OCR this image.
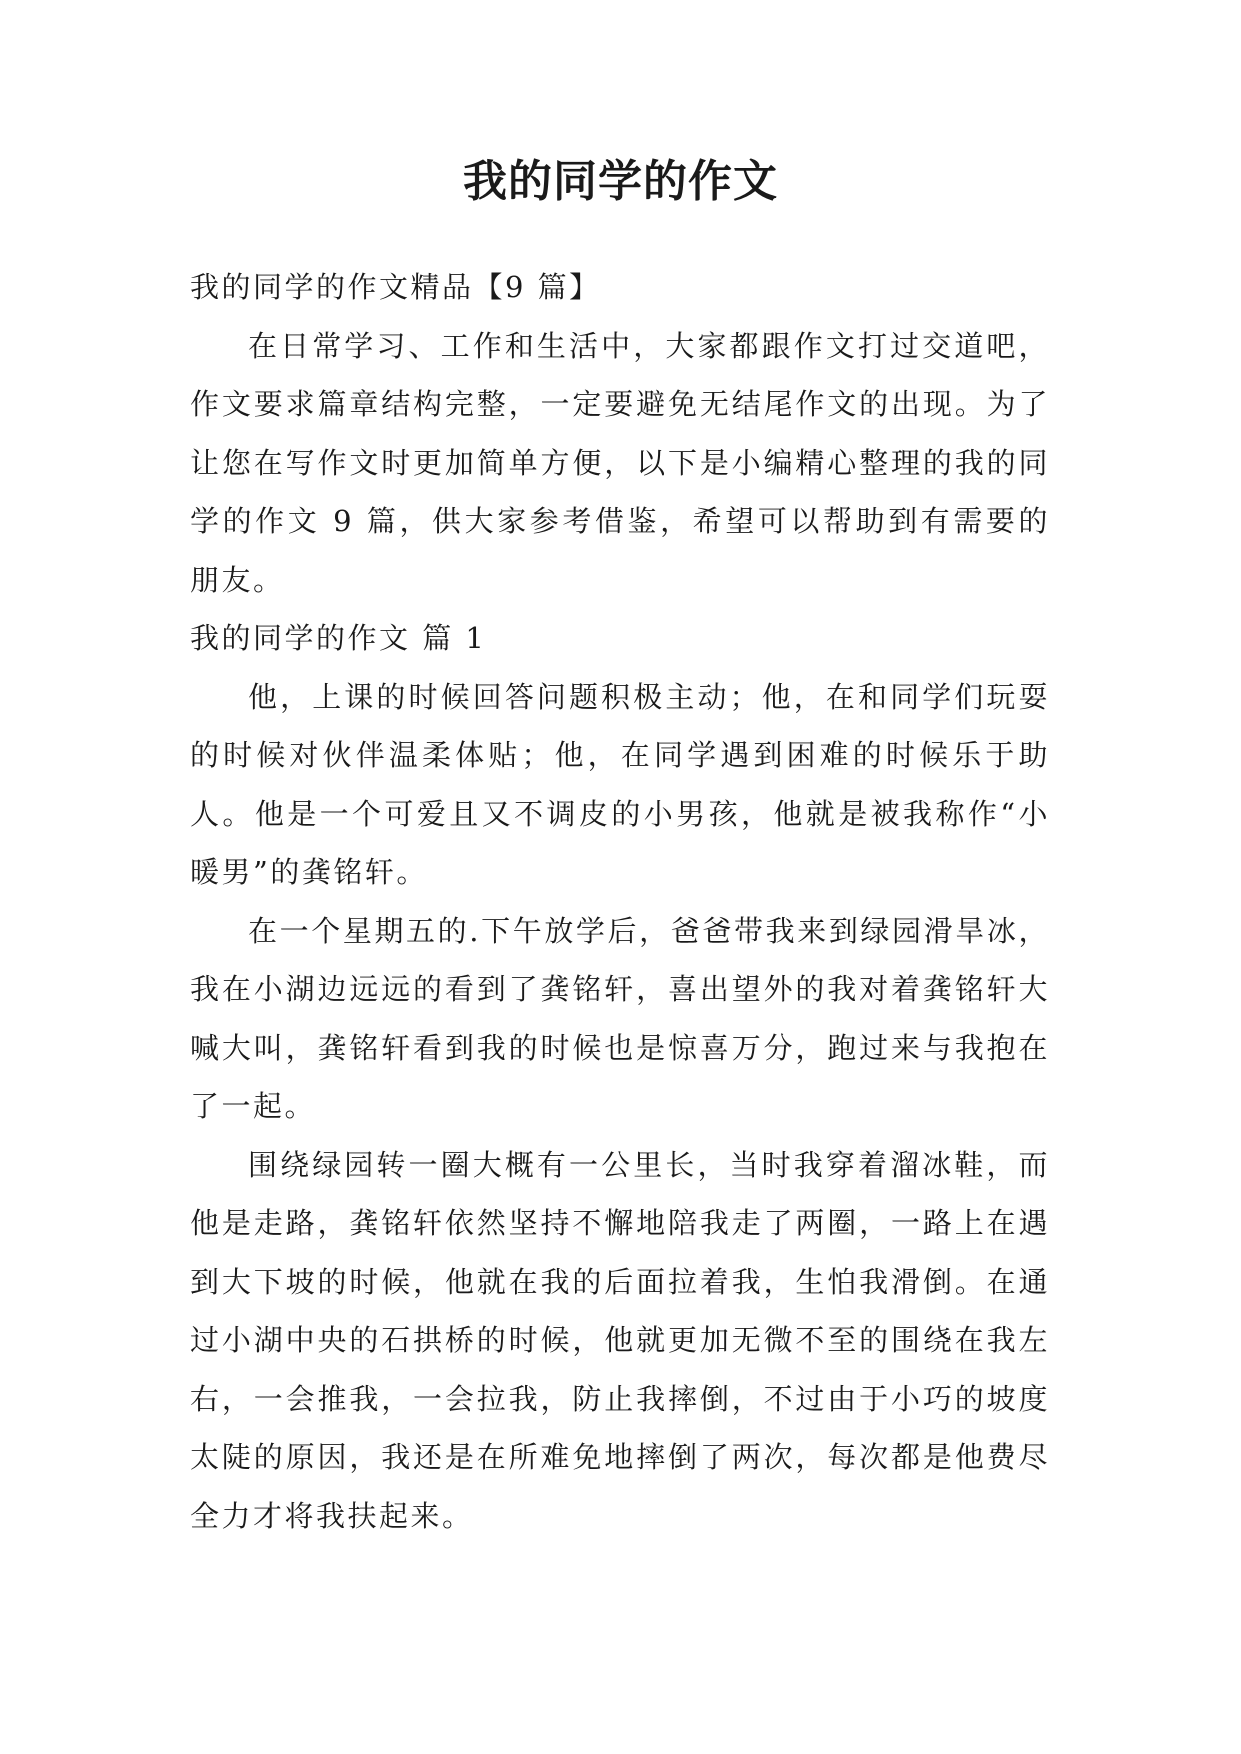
我的同学的作文

我的同学的作文精品【9 篇】

在日常学习、工作和生活中，大家都跟作文打过交道吧，作文要求篇章结构完整，一定要避免无结尾作文的出现。为了让您在写作文时更加简单方便，以下是小编精心整理的我的同学的作文 9 篇，供大家参考借鉴，希望可以帮助到有需要的朋友。

我的同学的作文 篇 1

他，上课的时候回答问题积极主动；他，在和同学们玩耍的时候对伙伴温柔体贴；他，在同学遇到困难的时候乐于助人。他是一个可爱且又不调皮的小男孩，他就是被我称作“小暖男”的龚铭轩。

在一个星期五的.下午放学后，爸爸带我来到绿园滑旱冰，我在小湖边远远的看到了龚铭轩，喜出望外的我对着龚铭轩大喊大叫，龚铭轩看到我的时候也是惊喜万分，跑过来与我抱在了一起。

围绕绿园转一圈大概有一公里长，当时我穿着溜冰鞋，而他是走路，龚铭轩依然坚持不懈地陪我走了两圈，一路上在遇到大下坡的时候，他就在我的后面拉着我，生怕我滑倒。在通过小湖中央的石拱桥的时候，他就更加无微不至的围绕在我左右，一会推我，一会拉我，防止我摔倒，不过由于小巧的坡度太陡的原因，我还是在所难免地摔倒了两次，每次都是他费尽全力才将我扶起来。
